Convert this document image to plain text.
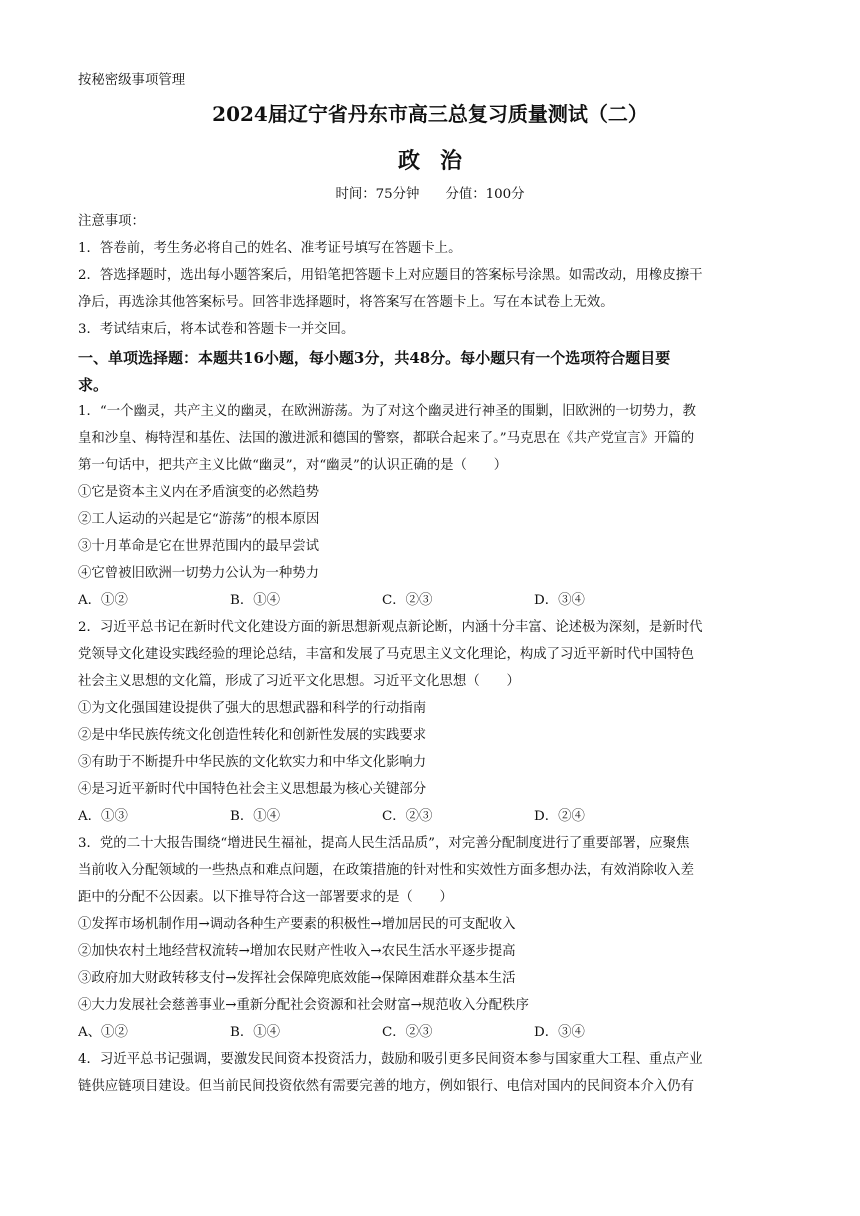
按秘密级事项管理
2024届辽宁省丹东市高三总复习质量测试（二）
政治
时间：75分钟 分值：100分
注意事项：
1．答卷前，考生务必将自己的姓名、准考证号填写在答题卡上。
2．答选择题时，选出每小题答案后，用铅笔把答题卡上对应题目的答案标号涂黑。如需改动，用橡皮擦干
净后，再选涂其他答案标号。回答非选择题时，将答案写在答题卡上。写在本试卷上无效。
3．考试结束后，将本试卷和答题卡一并交回。
一、单项选择题：本题共16小题，每小题3分，共48分。每小题只有一个选项符合题目要
求。
1．“一个幽灵，共产主义的幽灵，在欧洲游荡。为了对这个幽灵进行神圣的围剿，旧欧洲的一切势力，教
皇和沙皇、梅特涅和基佐、法国的激进派和德国的警察，都联合起来了。”马克思在《共产党宣言》开篇的
第一句话中，把共产主义比做“幽灵”，对“幽灵”的认识正确的是（　　）
①它是资本主义内在矛盾演变的必然趋势
②工人运动的兴起是它“游荡”的根本原因
③十月革命是它在世界范围内的最早尝试
④它曾被旧欧洲一切势力公认为一种势力
A．①②	B．①④	C．②③	D．③④
2．习近平总书记在新时代文化建设方面的新思想新观点新论断，内涵十分丰富、论述极为深刻，是新时代
党领导文化建设实践经验的理论总结，丰富和发展了马克思主义文化理论，构成了习近平新时代中国特色
社会主义思想的文化篇，形成了习近平文化思想。习近平文化思想（　　）
①为文化强国建设提供了强大的思想武器和科学的行动指南
②是中华民族传统文化创造性转化和创新性发展的实践要求
③有助于不断提升中华民族的文化软实力和中华文化影响力
④是习近平新时代中国特色社会主义思想最为核心关键部分
A．①③	B．①④	C．②③	D．②④
3．党的二十大报告围绕“增进民生福祉，提高人民生活品质”，对完善分配制度进行了重要部署，应聚焦
当前收入分配领域的一些热点和难点问题，在政策措施的针对性和实效性方面多想办法，有效消除收入差
距中的分配不公因素。以下推导符合这一部署要求的是（　　）
①发挥市场机制作用→调动各种生产要素的积极性→增加居民的可支配收入
②加快农村土地经营权流转→增加农民财产性收入→农民生活水平逐步提高
③政府加大财政转移支付→发挥社会保障兜底效能→保障困难群众基本生活
④大力发展社会慈善事业→重新分配社会资源和社会财富→规范收入分配秩序
A、①②	B．①④	C．②③	D．③④
4．习近平总书记强调，要激发民间资本投资活力，鼓励和吸引更多民间资本参与国家重大工程、重点产业
链供应链项目建设。但当前民间投资依然有需要完善的地方，例如银行、电信对国内的民间资本介入仍有
